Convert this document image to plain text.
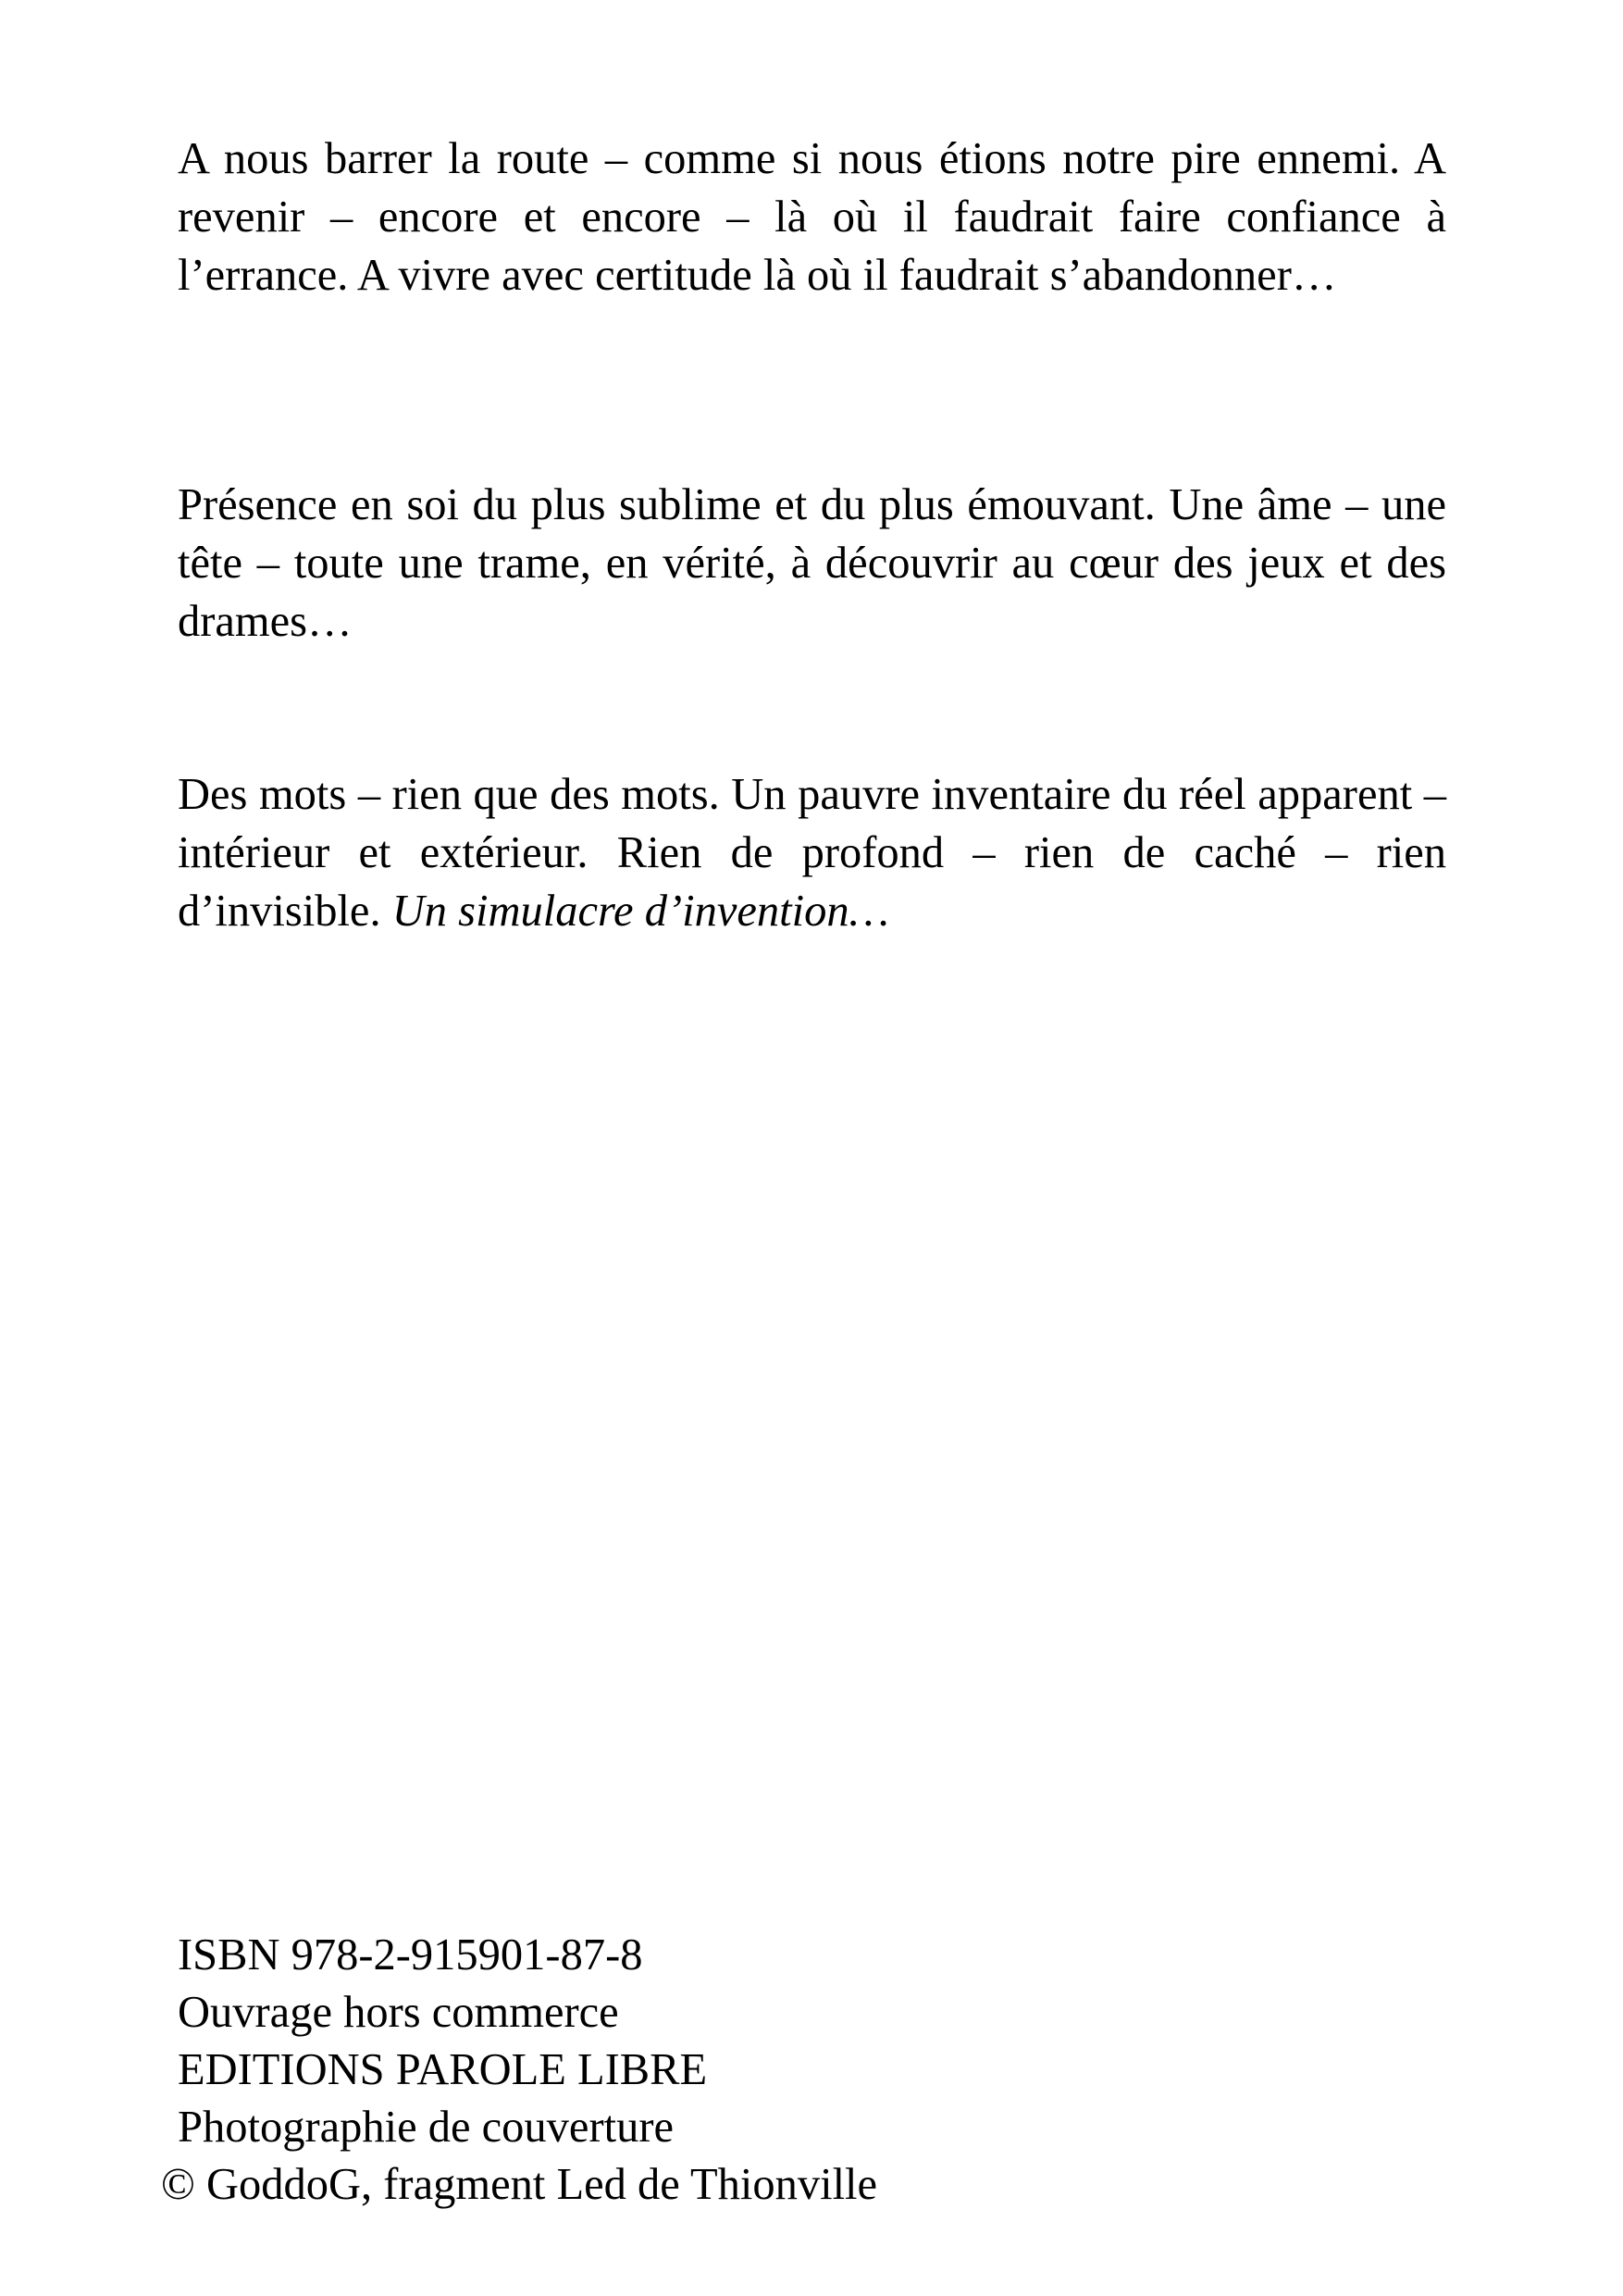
A nous barrer la route – comme si nous étions notre pire ennemi. A revenir – encore et encore – là où il faudrait faire confiance à l’errance. A vivre avec certitude là où il faudrait s’abandonner…

Présence en soi du plus sublime et du plus émouvant. Une âme – une tête – toute une trame, en vérité, à découvrir au cœur des jeux et des drames…

Des mots – rien que des mots. Un pauvre inventaire du réel apparent – intérieur et extérieur. Rien de profond – rien de caché – rien d’invisible. Un simulacre d’invention…

ISBN 978-2-915901-87-8
Ouvrage hors commerce
EDITIONS PAROLE LIBRE
Photographie de couverture
© GoddoG, fragment Led de Thionville
